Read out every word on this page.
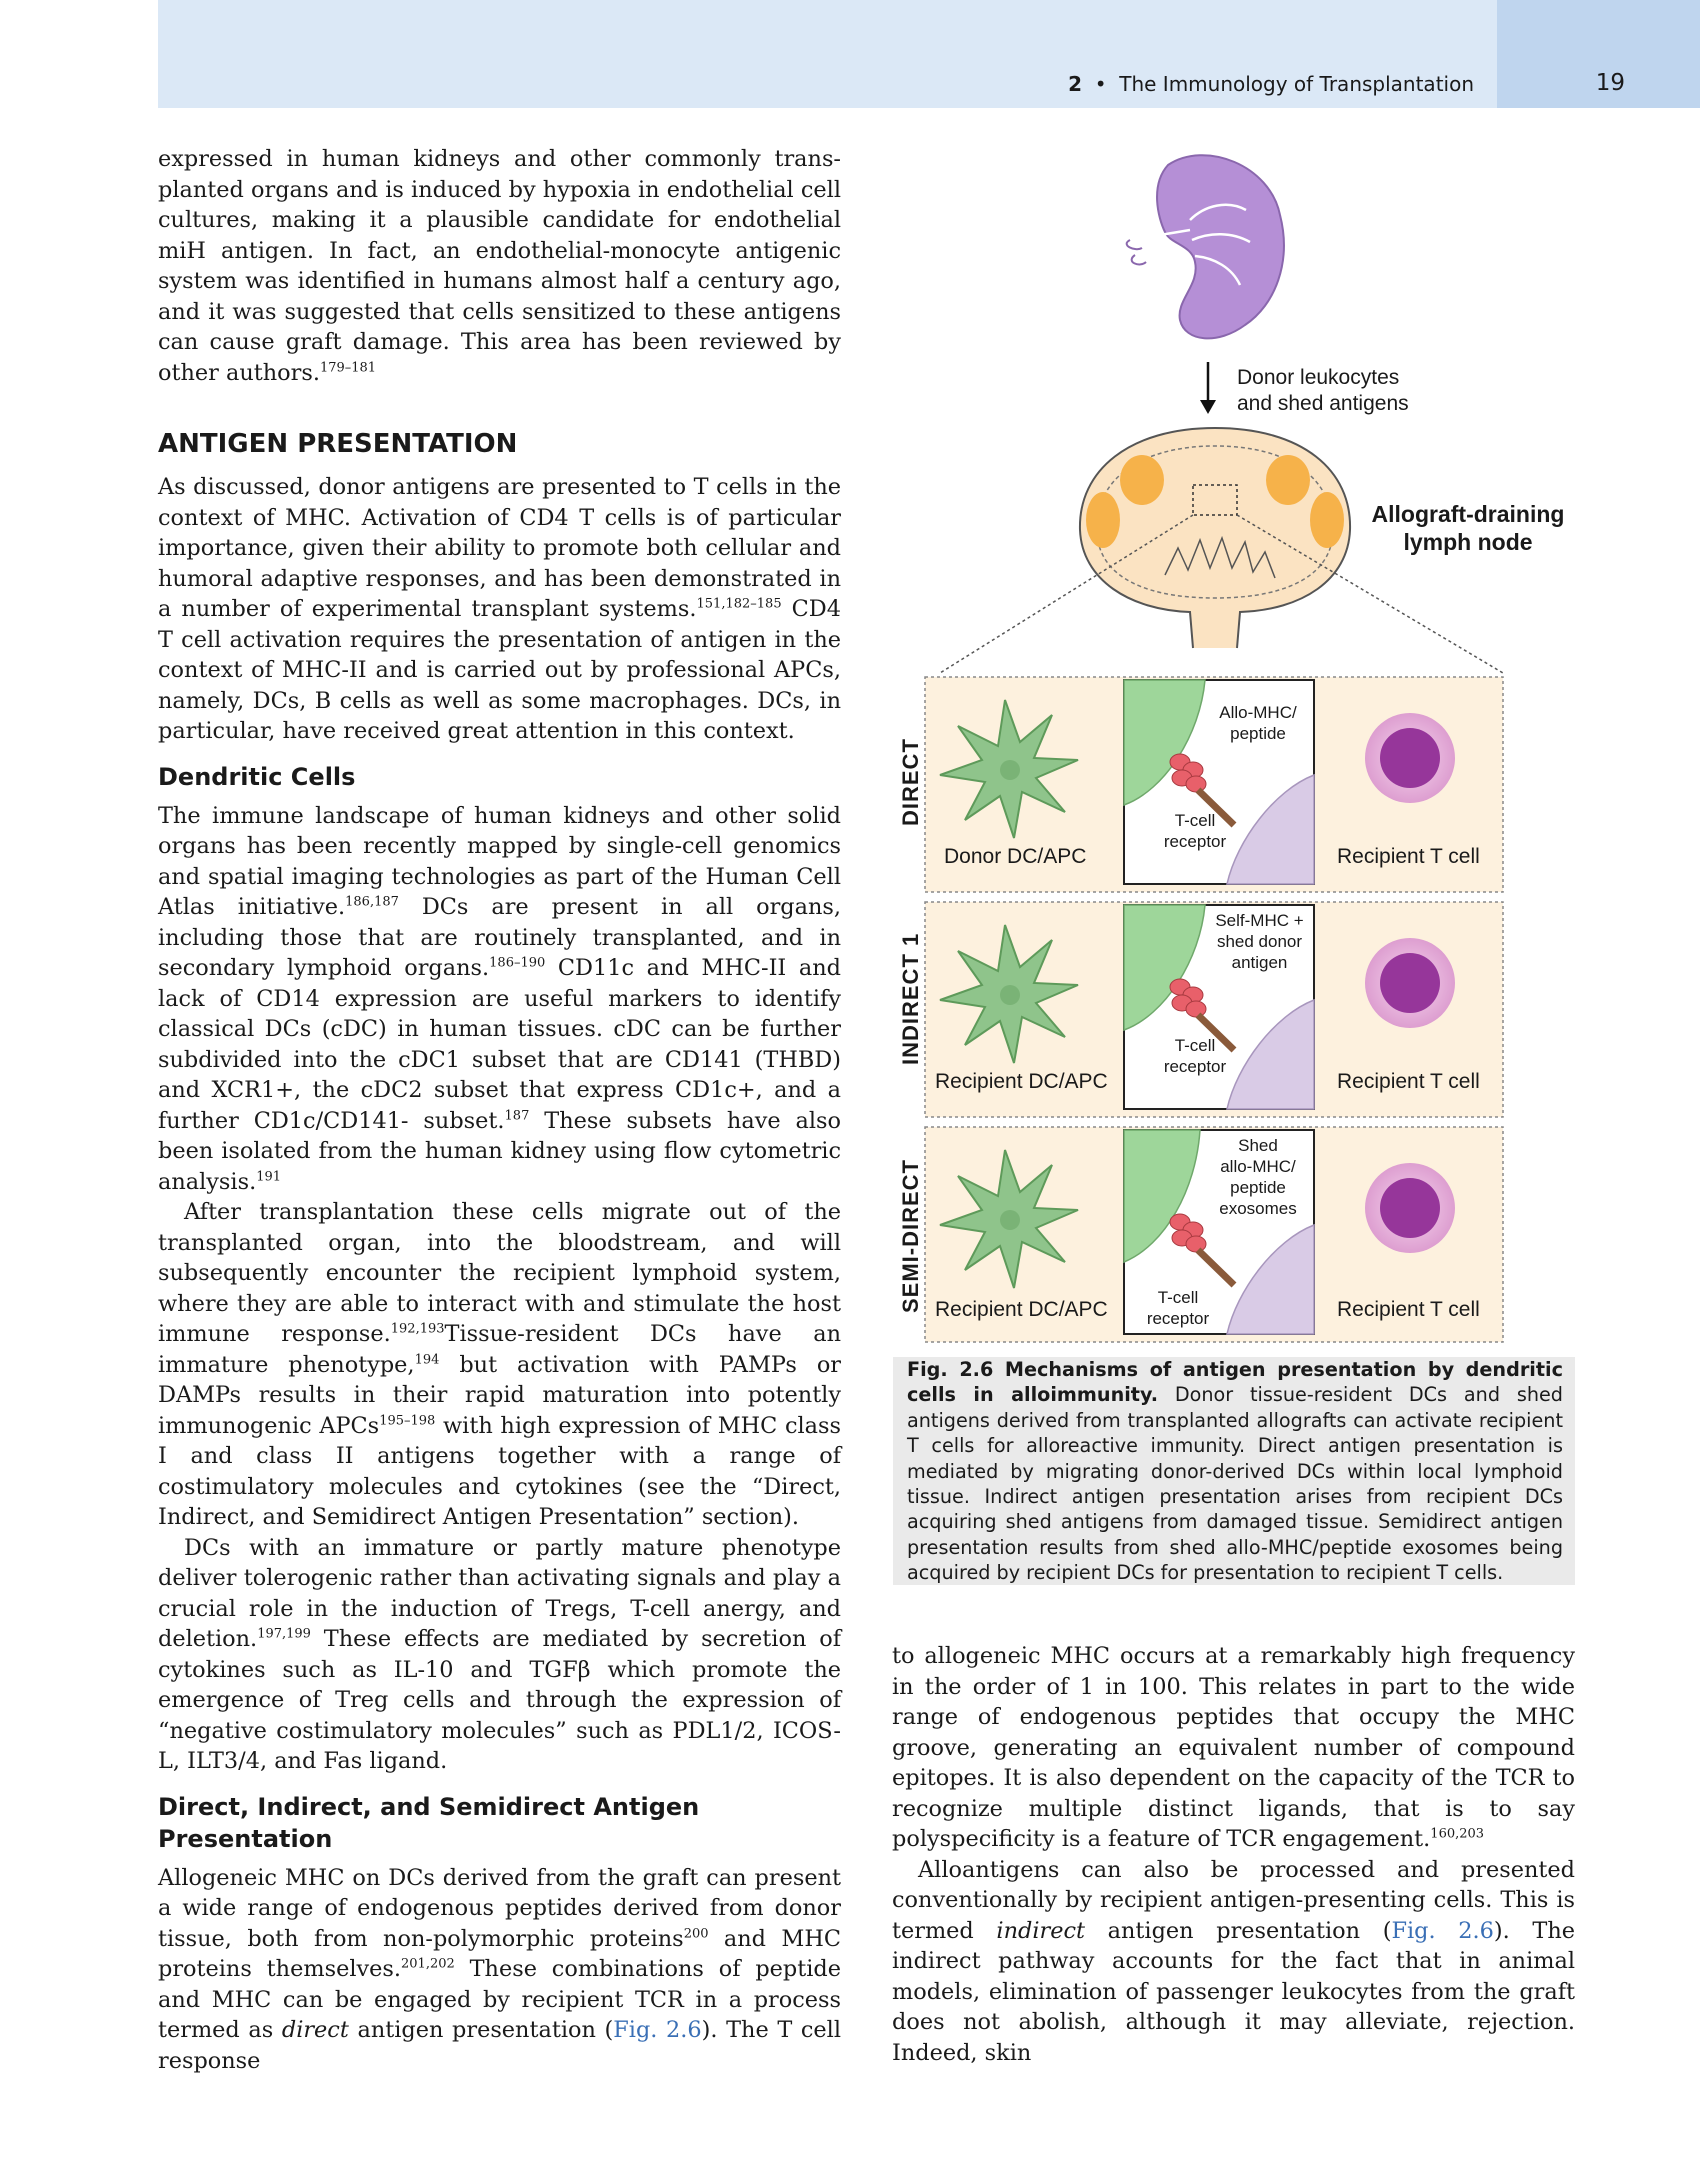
2 • The Immunology of Transplantation	19

expressed in human kidneys and other commonly trans-planted organs and is induced by hypoxia in endothelial cell cultures, making it a plausible candidate for endothelial miH antigen. In fact, an endothelial-monocyte antigenic system was identified in humans almost half a century ago, and it was suggested that cells sensitized to these antigens can cause graft damage. This area has been reviewed by other authors.$^{179-181}$

ANTIGEN PRESENTATION

As discussed, donor antigens are presented to T cells in the context of MHC. Activation of CD4 T cells is of particular importance, given their ability to promote both cellular and humoral adaptive responses, and has been demonstrated in a number of experimental transplant systems.$^{151,182-185}$ CD4 T cell activation requires the presentation of antigen in the context of MHC-II and is carried out by professional APCs, namely, DCs, B cells as well as some macrophages. DCs, in particular, have received great attention in this context.

Dendritic Cells

The immune landscape of human kidneys and other solid organs has been recently mapped by single-cell genomics and spatial imaging technologies as part of the Human Cell Atlas initiative.$^{186,187}$ DCs are present in all organs, including those that are routinely transplanted, and in secondary lymphoid organs.$^{186-190}$ CD11c and MHC-II and lack of CD14 expression are useful markers to identify classical DCs (cDC) in human tissues. cDC can be further subdivided into the cDC1 subset that are CD141 (THBD) and XCR1+, the cDC2 subset that express CD1c+, and a further CD1c/CD141- subset.$^{187}$ These subsets have also been isolated from the human kidney using flow cytometric analysis.$^{191}$

After transplantation these cells migrate out of the transplanted organ, into the bloodstream, and will subsequently encounter the recipient lymphoid system, where they are able to interact with and stimulate the host immune response.$^{192,193}$Tissue-resident DCs have an immature phenotype,$^{194}$ but activation with PAMPs or DAMPs results in their rapid maturation into potently immunogenic APCs$^{195-198}$ with high expression of MHC class I and class II antigens together with a range of costimulatory molecules and cytokines (see the “Direct, Indirect, and Semidirect Antigen Presentation” section).

DCs with an immature or partly mature phenotype deliver tolerogenic rather than activating signals and play a crucial role in the induction of Tregs, T-cell anergy, and deletion.$^{197,199}$ These effects are mediated by secretion of cytokines such as IL-10 and TGFβ which promote the emergence of Treg cells and through the expression of “negative costimulatory molecules” such as PDL1/2, ICOS-L, ILT3/4, and Fas ligand.

Direct, Indirect, and Semidirect Antigen
Presentation

Allogeneic MHC on DCs derived from the graft can present a wide range of endogenous peptides derived from donor tissue, both from non-polymorphic proteins$^{200}$ and MHC proteins themselves.$^{201,202}$ These combinations of peptide and MHC can be engaged by recipient TCR in a process termed as direct antigen presentation (Fig. 2.6). The T cell response

Donor leukocytes
and shed antigens
Allograft-draining
lymph node
DIRECT
INDIRECT 1
SEMI-DIRECT
Donor DC/APC	Recipient T cell
Allo-MHC/
peptide
T-cell
receptor
Recipient DC/APC	Recipient T cell
Self-MHC +
shed donor
antigen
T-cell
receptor
Recipient DC/APC	Recipient T cell
Shed
allo-MHC/
peptide
exosomes
T-cell
receptor
Fig. 2.6 Mechanisms of antigen presentation by dendritic cells in alloimmunity. Donor tissue-resident DCs and shed antigens derived from transplanted allografts can activate recipient T cells for alloreactive immunity. Direct antigen presentation is mediated by migrating donor-derived DCs within local lymphoid tissue. Indirect antigen presentation arises from recipient DCs acquiring shed antigens from damaged tissue. Semidirect antigen presentation results from shed allo-MHC/peptide exosomes being acquired by recipient DCs for presentation to recipient T cells.

to allogeneic MHC occurs at a remarkably high frequency in the order of 1 in 100. This relates in part to the wide range of endogenous peptides that occupy the MHC groove, generating an equivalent number of compound epitopes. It is also dependent on the capacity of the TCR to recognize multiple distinct ligands, that is to say polyspecificity is a feature of TCR engagement.$^{160,203}$

Alloantigens can also be processed and presented conventionally by recipient antigen-presenting cells. This is termed indirect antigen presentation (Fig. 2.6). The indirect pathway accounts for the fact that in animal models, elimination of passenger leukocytes from the graft does not abolish, although it may alleviate, rejection. Indeed, skin
